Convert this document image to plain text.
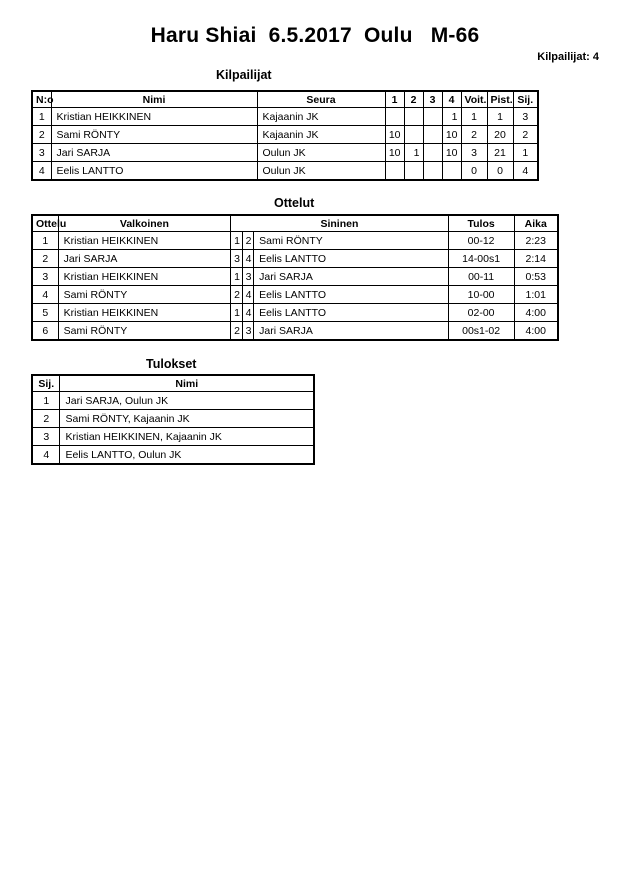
Haru Shiai  6.5.2017  Oulu   M-66
Kilpailijat: 4
Kilpailijat
N:o	Nimi	Seura	1	2	3	4	Voit.	Pist.	Sij.
1	Kristian HEIKKINEN	Kajaanin JK				1	1	1	3
2	Sami RÖNTY	Kajaanin JK	10			10	2	20	2
3	Jari SARJA	Oulun JK	10	1		10	3	21	1
4	Eelis LANTTO	Oulun JK					0	0	4
Ottelut
Ottelu	Valkoinen	Sininen			Tulos	Aika
1	Kristian HEIKKINEN	1	2	Sami RÖNTY	00-12	2:23
2	Jari SARJA	3	4	Eelis LANTTO	14-00s1	2:14
3	Kristian HEIKKINEN	1	3	Jari SARJA	00-11	0:53
4	Sami RÖNTY	2	4	Eelis LANTTO	10-00	1:01
5	Kristian HEIKKINEN	1	4	Eelis LANTTO	02-00	4:00
6	Sami RÖNTY	2	3	Jari SARJA	00s1-02	4:00
Tulokset
Sij.	Nimi
1	Jari SARJA, Oulun JK
2	Sami RÖNTY, Kajaanin JK
3	Kristian HEIKKINEN, Kajaanin JK
4	Eelis LANTTO, Oulun JK
